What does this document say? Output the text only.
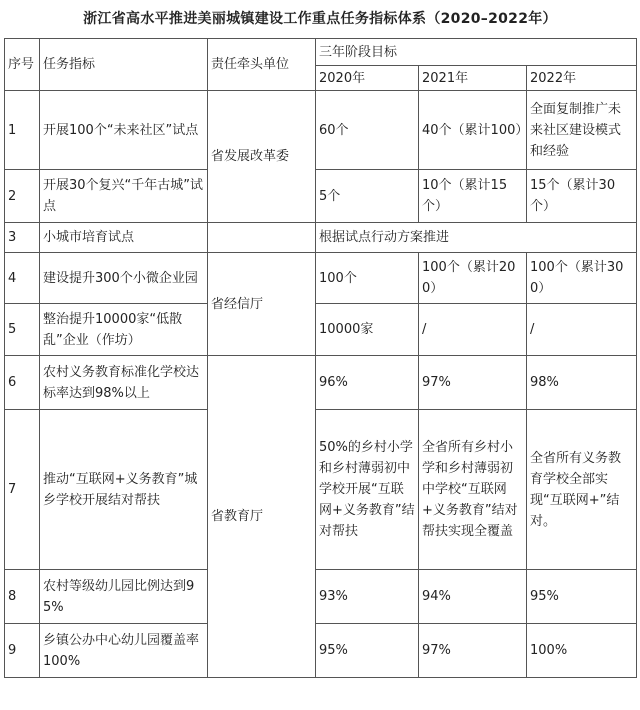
浙江省高水平推进美丽城镇建设工作重点任务指标体系（2020–2022年）
序号	任务指标	责任牵头单位	三年阶段目标		
			2020年	2021年	2022年
1	开展100个“未来社区”试点	省发展改革委	60个	40个（累计100）	全面复制推广未来社区建设模式和经验
2	开展30个复兴“千年古城”试点		5个	10个（累计15个）	15个（累计30个）
3	小城市培育试点		根据试点行动方案推进		
4	建设提升300个小微企业园	省经信厅	100个	100个（累计200）	100个（累计300）
5	整治提升10000家“低散乱”企业（作坊）		10000家	/	/
6	农村义务教育标准化学校达标率达到98%以上	省教育厅	96%	97%	98%
7	推动“互联网+义务教育”城乡学校开展结对帮扶		50%的乡村小学和乡村薄弱初中学校开展“互联网+义务教育”结对帮扶	全省所有乡村小学和乡村薄弱初中学校“互联网+义务教育”结对帮扶实现全覆盖	全省所有义务教育学校全部实现“互联网+”结对。
8	农村等级幼儿园比例达到95%		93%	94%	95%
9	乡镇公办中心幼儿园覆盖率100%		95%	97%	100%
